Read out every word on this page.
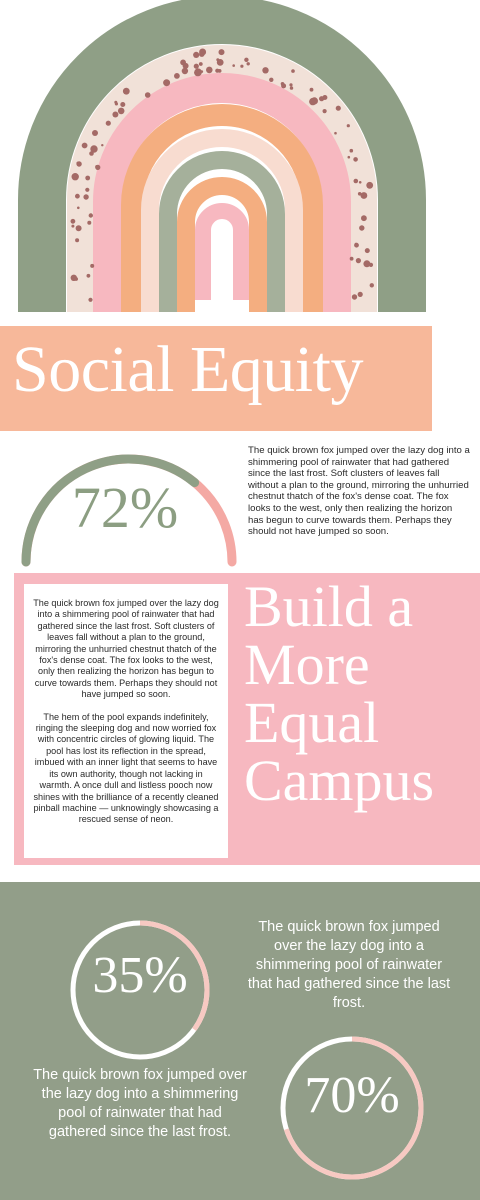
Social Equity
72%
The quick brown fox jumped over the lazy dog into a shimmering pool of rainwater that had gathered since the last frost. Soft clusters of leaves fall without a plan to the ground, mirroring the unhurried chestnut thatch of the fox's dense coat. The fox looks to the west, only then realizing the horizon has begun to curve towards them. Perhaps they should not have jumped so soon.

The quick brown fox jumped over the lazy dog into a shimmering pool of rainwater that had gathered since the last frost. Soft clusters of leaves fall without a plan to the ground, mirroring the unhurried chestnut thatch of the fox's dense coat. The fox looks to the west, only then realizing the horizon has begun to curve towards them. Perhaps they should not have jumped so soon.

The hem of the pool expands indefinitely, ringing the sleeping dog and now worried fox with concentric circles of glowing liquid. The pool has lost its reflection in the spread, imbued with an inner light that seems to have its own authority, though not lacking in warmth. A once dull and listless pooch now shines with the brilliance of a recently cleaned pinball machine — unknowingly showcasing a rescued sense of neon.

Build a
More
Equal
Campus
35%
The quick brown fox jumped over the lazy dog into a shimmering pool of rainwater that had gathered since the last frost.
70%
The quick brown fox jumped over the lazy dog into a shimmering pool of rainwater that had gathered since the last frost.
